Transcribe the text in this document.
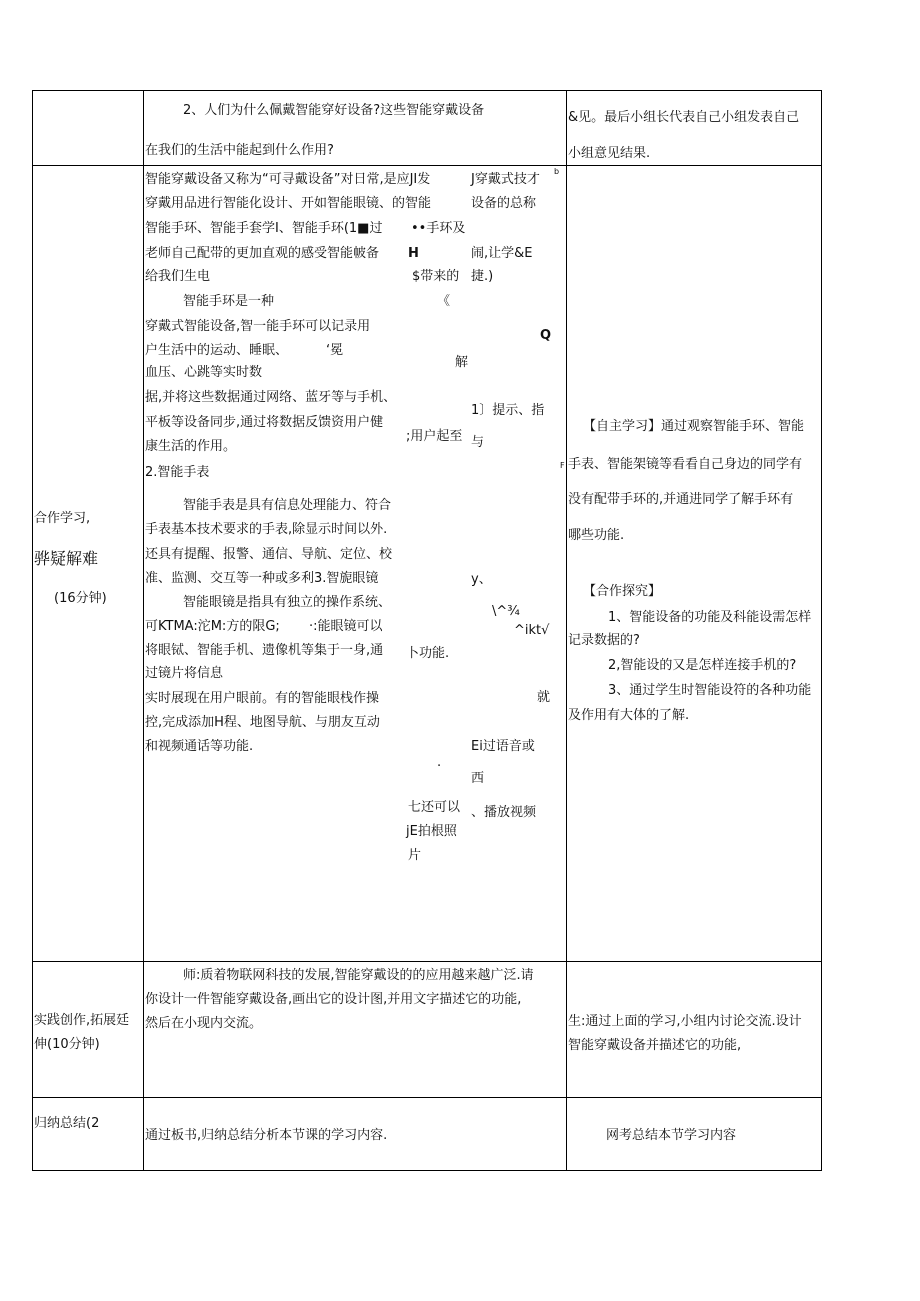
2、人们为什么佩戴智能穿好设备?这些智能穿戴设备
在我们的生活中能起到什么作用?
&见。最后小组长代表自己小组发表自己
小组意见结果.
合作学习,
骅疑解难
(16分钟)
智能穿戴设备又称为“可寻戴设备”对日常,是应JI发
穿戴用品进行智能化设计、开如智能眼镜、的智能
智能手环、智能手套学I、智能手环(1■过
老师自己配带的更加直观的感受智能帔备
给我们生电
智能手环是一种
穿戴式智能设备,智一能手环可以记录用
户生活中的运动、睡眠、
血压、心跳等实时数
据,并将这些数据通过网络、蓝牙等与手机、
平板等设备同步,通过将数据反馈资用户健
康生活的作用。
2.智能手表
智能手表是具有信息处理能力、符合
手表基本技术要求的手表,除显示时间以外.
还具有提醒、报警、通信、导航、定位、校
准、监测、交互等一种或多利3.智旎眼镜
智能眼镜是指具有独立的操作系统、
可KTMA:沱M:方的限G;
将眼铽、智能手机、遗像机等集于一身,通
过镜片将信息
实时展现在用户眼前。有的智能眼栈作操
控,完成添加H程、地图导航、与朋友互动
和视频通话等功能.
••手环及
H
$带来的
《
‘冕
解
;用户起至
·:能眼镜可以
卜功能.
就
·
七还可以
jE拍根照
片
J穿戴式技才
设备的总称
闹,让学&E
捷.)
Q
1〕提示、指
与
y、
\^¾
^ikt√
Ei过语音或
西
、播放视频
b
F
【自主学习】通过观察智能手环、智能
手表、智能架镜等看看自己身边的同学有
没有配带手环的,并通进同学了解手环有
哪些功能.
【合作探究】
1、智能设备的功能及科能设需怎样
记录数据的?
2,智能设的又是怎样连接手机的?
3、通过学生时智能设符的各种功能
及作用有大体的了解.
实践创作,拓展廷
伸(10分钟)
师:质着物联网科技的发展,智能穿戴设的的应用越来越广泛.请
你设计一件智能穿戴设备,画出它的设计图,并用文字描述它的功能,
然后在小现内交流。	生:通过上面的学习,小组内讨论交流.设计
智能穿戴设备并描述它的功能,
归纳总结(2
通过板书,归纳总结分析本节课的学习内容.	网考总结本节学习内容
